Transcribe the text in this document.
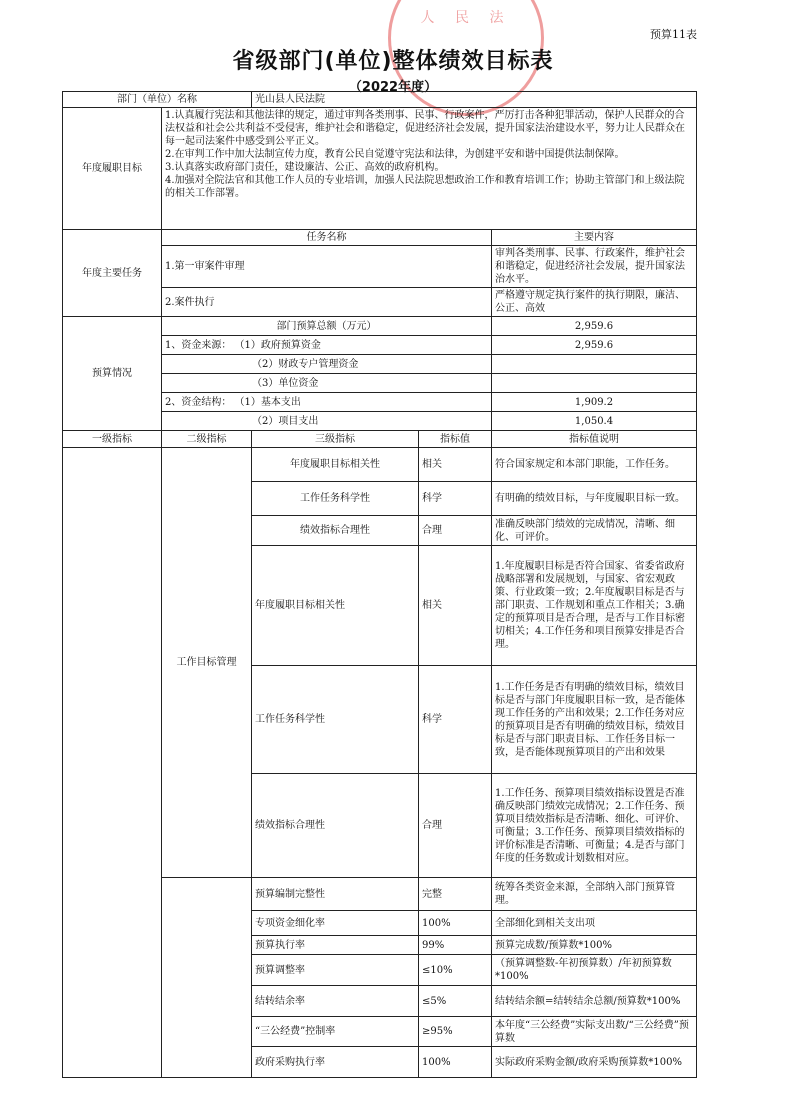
人 民 法
预算11表
省级部门(单位)整体绩效目标表
（2022年度）
部门（单位）名称		光山县人民法院		
年度履职目标	1.认真履行宪法和其他法律的规定，通过审判各类刑事、民事、行政案件，严厉打击各种犯罪活动，保护人民群众的合法权益和社会公共利益不受侵害，维护社会和谐稳定，促进经济社会发展，提升国家法治建设水平，努力让人民群众在每一起司法案件中感受到公平正义。
2.在审判工作中加大法制宣传力度，教育公民自觉遵守宪法和法律，为创建平安和谐中国提供法制保障。
3.认真落实政府部门责任，建设廉洁、公正、高效的政府机构。
4.加强对全院法官和其他工作人员的专业培训，加强人民法院思想政治工作和教育培训工作；协助主管部门和上级法院的相关工作部署。			
年度主要任务	任务名称			主要内容
	1.第一审案件审理			审判各类刑事、民事、行政案件，维护社会和谐稳定，促进经济社会发展，提升国家法治水平。
	2.案件执行			严格遵守规定执行案件的执行期限，廉洁、公正、高效
预算情况	部门预算总额（万元）			2,959.6
	1、资金来源： （1）政府预算资金			2,959.6
	（2）财政专户管理资金			
	（3）单位资金			
	2、资金结构： （1）基本支出			1,909.2
	（2）项目支出			1,050.4
一级指标	二级指标	三级指标	指标值	指标值说明
	工作目标管理	年度履职目标相关性	相关	符合国家规定和本部门职能，工作任务。
		工作任务科学性	科学	有明确的绩效目标，与年度履职目标一致。
		绩效指标合理性	合理	准确反映部门绩效的完成情况，清晰、细化、可评价。
		年度履职目标相关性	相关	1.年度履职目标是否符合国家、省委省政府战略部署和发展规划，与国家、省宏观政策、行业政策一致；2.年度履职目标是否与部门职责、工作规划和重点工作相关；3.确定的预算项目是否合理，是否与工作目标密切相关；4.工作任务和项目预算安排是否合理。
		工作任务科学性	科学	1.工作任务是否有明确的绩效目标，绩效目标是否与部门年度履职目标一致，是否能体现工作任务的产出和效果；2.工作任务对应的预算项目是否有明确的绩效目标，绩效目标是否与部门职责目标、工作任务目标一致，是否能体现预算项目的产出和效果
		绩效指标合理性	合理	1.工作任务、预算项目绩效指标设置是否准确反映部门绩效完成情况；2.工作任务、预算项目绩效指标是否清晰、细化、可评价、可衡量；3.工作任务、预算项目绩效指标的评价标准是否清晰、可衡量；4.是否与部门年度的任务数或计划数相对应。
		预算编制完整性	完整	统筹各类资金来源，全部纳入部门预算管理。
		专项资金细化率	100%	全部细化到相关支出项
		预算执行率	99%	预算完成数/预算数*100%
		预算调整率	≤10%	（预算调整数-年初预算数）/年初预算数*100%
		结转结余率	≤5%	结转结余额=结转结余总额/预算数*100%
		“三公经费”控制率	≥95%	本年度“三公经费”实际支出数/“三公经费”预算数
		政府采购执行率	100%	实际政府采购金额/政府采购预算数*100%
